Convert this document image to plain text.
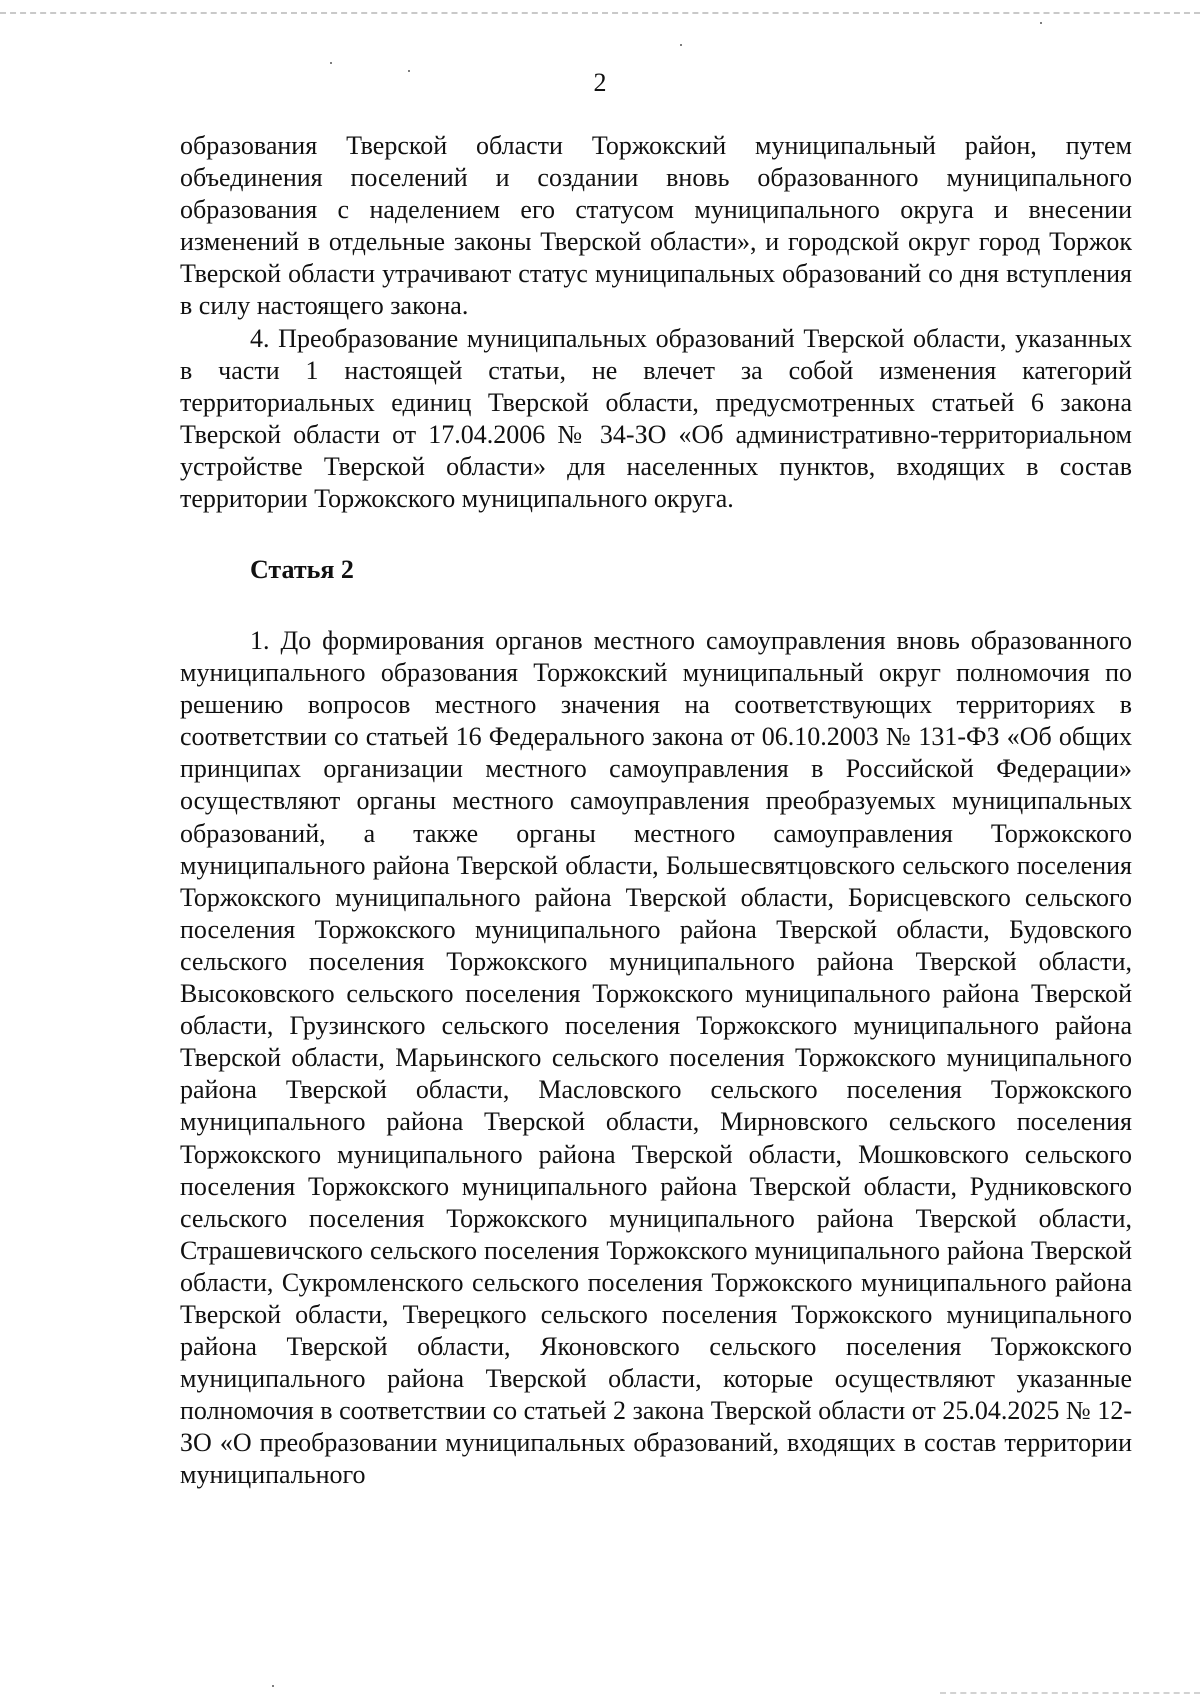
2

образования Тверской области Торжокский муниципальный район, путем объединения поселений и создании вновь образованного муниципального образования с наделением его статусом муниципального округа и внесении изменений в отдельные законы Тверской области», и городской округ город Торжок Тверской области утрачивают статус муниципальных образований со дня вступления в силу настоящего закона.

4. Преобразование муниципальных образований Тверской области, указанных в части 1 настоящей статьи, не влечет за собой изменения категорий территориальных единиц Тверской области, предусмотренных статьей 6 закона Тверской области от 17.04.2006 № 34-ЗО «Об административно-территориальном устройстве Тверской области» для населенных пунктов, входящих в состав территории Торжокского муниципального округа.

Статья 2

1. До формирования органов местного самоуправления вновь образованного муниципального образования Торжокский муниципальный округ полномочия по решению вопросов местного значения на соответствующих территориях в соответствии со статьей 16 Федерального закона от 06.10.2003 № 131-ФЗ «Об общих принципах организации местного самоуправления в Российской Федерации» осуществляют органы местного самоуправления преобразуемых муниципальных образований, а также органы местного самоуправления Торжокского муниципального района Тверской области, Большесвятцовского сельского поселения Торжокского муниципального района Тверской области, Борисцевского сельского поселения Торжокского муниципального района Тверской области, Будовского сельского поселения Торжокского муниципального района Тверской области, Высоковского сельского поселения Торжокского муниципального района Тверской области, Грузинского сельского поселения Торжокского муниципального района Тверской области, Марьинского сельского поселения Торжокского муниципального района Тверской области, Масловского сельского поселения Торжокского муниципального района Тверской области, Мирновского сельского поселения Торжокского муниципального района Тверской области, Мошковского сельского поселения Торжокского муниципального района Тверской области, Рудниковского сельского поселения Торжокского муниципального района Тверской области, Страшевичского сельского поселения Торжокского муниципального района Тверской области, Сукромленского сельского поселения Торжокского муниципального района Тверской области, Тверецкого сельского поселения Торжокского муниципального района Тверской области, Яконовского сельского поселения Торжокского муниципального района Тверской области, которые осуществляют указанные полномочия в соответствии со статьей 2 закона Тверской области от 25.04.2025 № 12-ЗО «О преобразовании муниципальных образований, входящих в состав территории муниципального
